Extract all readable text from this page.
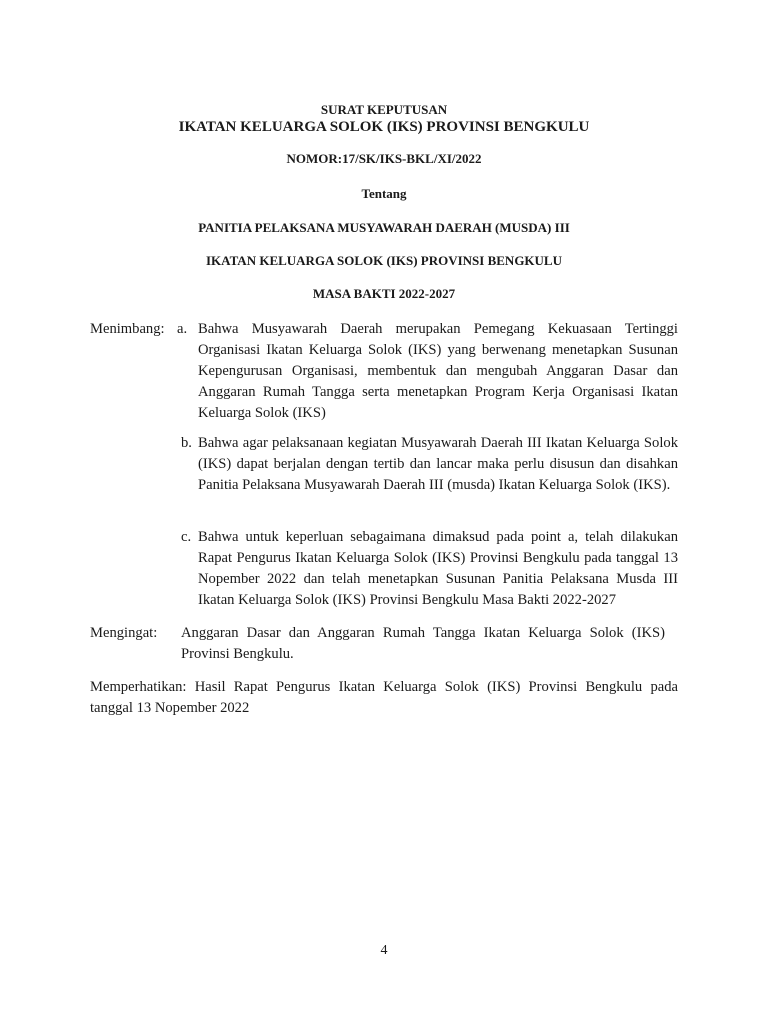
SURAT KEPUTUSAN
IKATAN KELUARGA SOLOK (IKS) PROVINSI BENGKULU
NOMOR:17/SK/IKS-BKL/XI/2022
Tentang
PANITIA PELAKSANA MUSYAWARAH DAERAH (MUSDA) III
IKATAN KELUARGA SOLOK (IKS) PROVINSI BENGKULU
MASA BAKTI 2022-2027
Menimbang: a. Bahwa Musyawarah Daerah merupakan Pemegang Kekuasaan Tertinggi Organisasi Ikatan Keluarga Solok (IKS) yang berwenang menetapkan Susunan Kepengurusan Organisasi, membentuk dan mengubah Anggaran Dasar dan Anggaran Rumah Tangga serta menetapkan Program Kerja Organisasi Ikatan Keluarga Solok (IKS)
b. Bahwa agar pelaksanaan kegiatan Musyawarah Daerah III Ikatan Keluarga Solok (IKS) dapat berjalan dengan tertib dan lancar maka perlu disusun dan disahkan Panitia Pelaksana Musyawarah Daerah III (musda) Ikatan Keluarga Solok (IKS).
c. Bahwa untuk keperluan sebagaimana dimaksud pada point a, telah dilakukan Rapat Pengurus Ikatan Keluarga Solok (IKS) Provinsi Bengkulu pada tanggal 13 Nopember 2022 dan telah menetapkan Susunan Panitia Pelaksana Musda III Ikatan Keluarga Solok (IKS) Provinsi Bengkulu Masa Bakti 2022-2027
Mengingat: Anggaran Dasar dan Anggaran Rumah Tangga Ikatan Keluarga Solok (IKS) Provinsi Bengkulu.
Memperhatikan: Hasil Rapat Pengurus Ikatan Keluarga Solok (IKS) Provinsi Bengkulu pada tanggal 13 Nopember 2022
4
